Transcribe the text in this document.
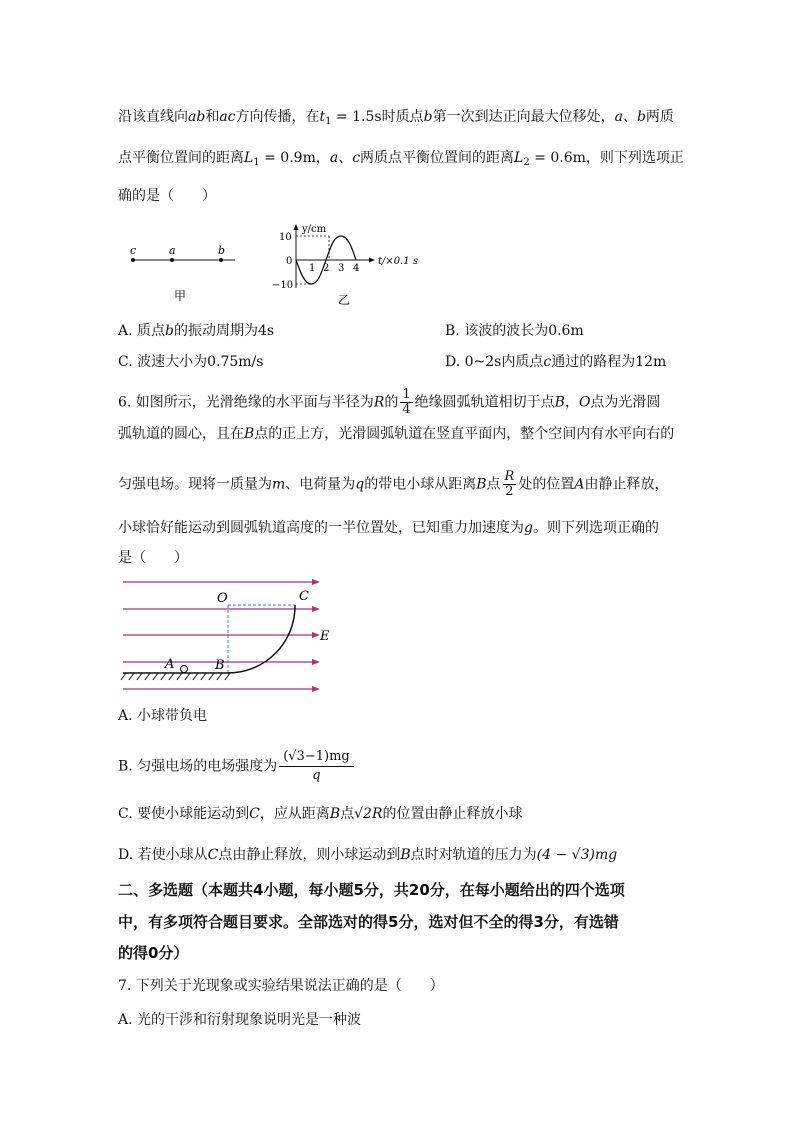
沿该直线向ab和ac方向传播，在$t_1 = 1.5s$时质点b第一次到达正向最大位移处，a、b两质
点平衡位置间的距离$L_1 = 0.9m$，a、c两质点平衡位置间的距离$L_2 = 0.6m$，则下列选项正
确的是（　　）
c	a	b
甲
y/cm
10
0
−10
1 2 3 4
t/×0.1 s
乙
A. 质点b的振动周期为4s	B. 该波的波长为0.6m
C. 波速大小为0.75m/s	D. 0~2s内质点c通过的路程为12m
6. 如图所示，光滑绝缘的水平面与半径为R的 $\frac{1}{4}$ 绝缘圆弧轨道相切于点B，O点为光滑圆
弧轨道的圆心，且在B点的正上方，光滑圆弧轨道在竖直平面内，整个空间内有水平向右的
匀强电场。现将一质量为m、电荷量为q的带电小球从距离B点 $\frac{R}{2}$ 处的位置A由静止释放，
小球恰好能运动到圆弧轨道高度的一半位置处，已知重力加速度为g。则下列选项正确的
是（　　）
O	C
E
A	B
A. 小球带负电
B. 匀强电场的电场强度为 $\frac{(√3-1)mg}{q}$
C. 要使小球能运动到C，应从距离B点√2R的位置由静止释放小球
D. 若使小球从C点由静止释放，则小球运动到B点时对轨道的压力为(4 − √3)mg
二、多选题（本题共4小题，每小题5分，共20分，在每小题给出的四个选项
中，有多项符合题目要求。全部选对的得5分，选对但不全的得3分，有选错
的得0分）
7. 下列关于光现象或实验结果说法正确的是（　　）
A. 光的干涉和衍射现象说明光是一种波
